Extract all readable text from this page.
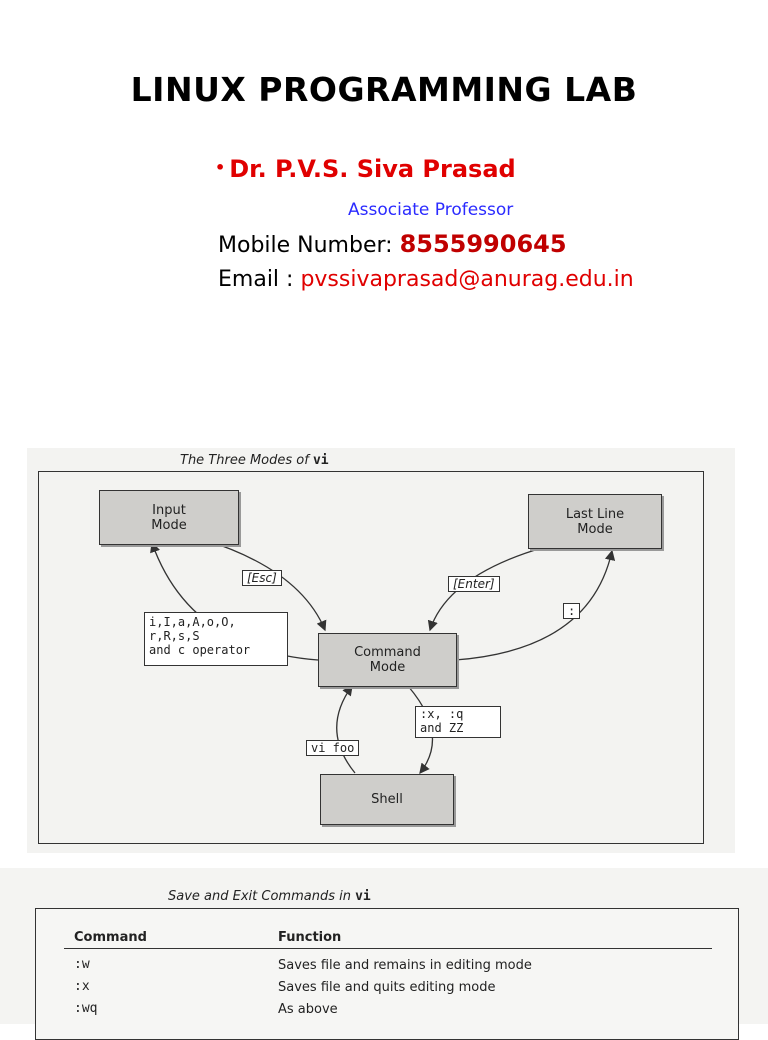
LINUX PROGRAMMING LAB
• Dr. P.V.S. Siva Prasad
Associate Professor
Mobile Number: 8555990645
Email : pvssivaprasad@anurag.edu.in
The Three Modes of vi
Input
Mode
Last Line
Mode
Command
Mode
Shell
i,I,a,A,o,O,
r,R,s,S
and c operator
[Esc]	[Enter]
:
:x, :q
and ZZ
vi foo
Save and Exit Commands in vi
Command	Function
:w	Saves file and remains in editing mode
:x	Saves file and quits editing mode
:wq	As above
